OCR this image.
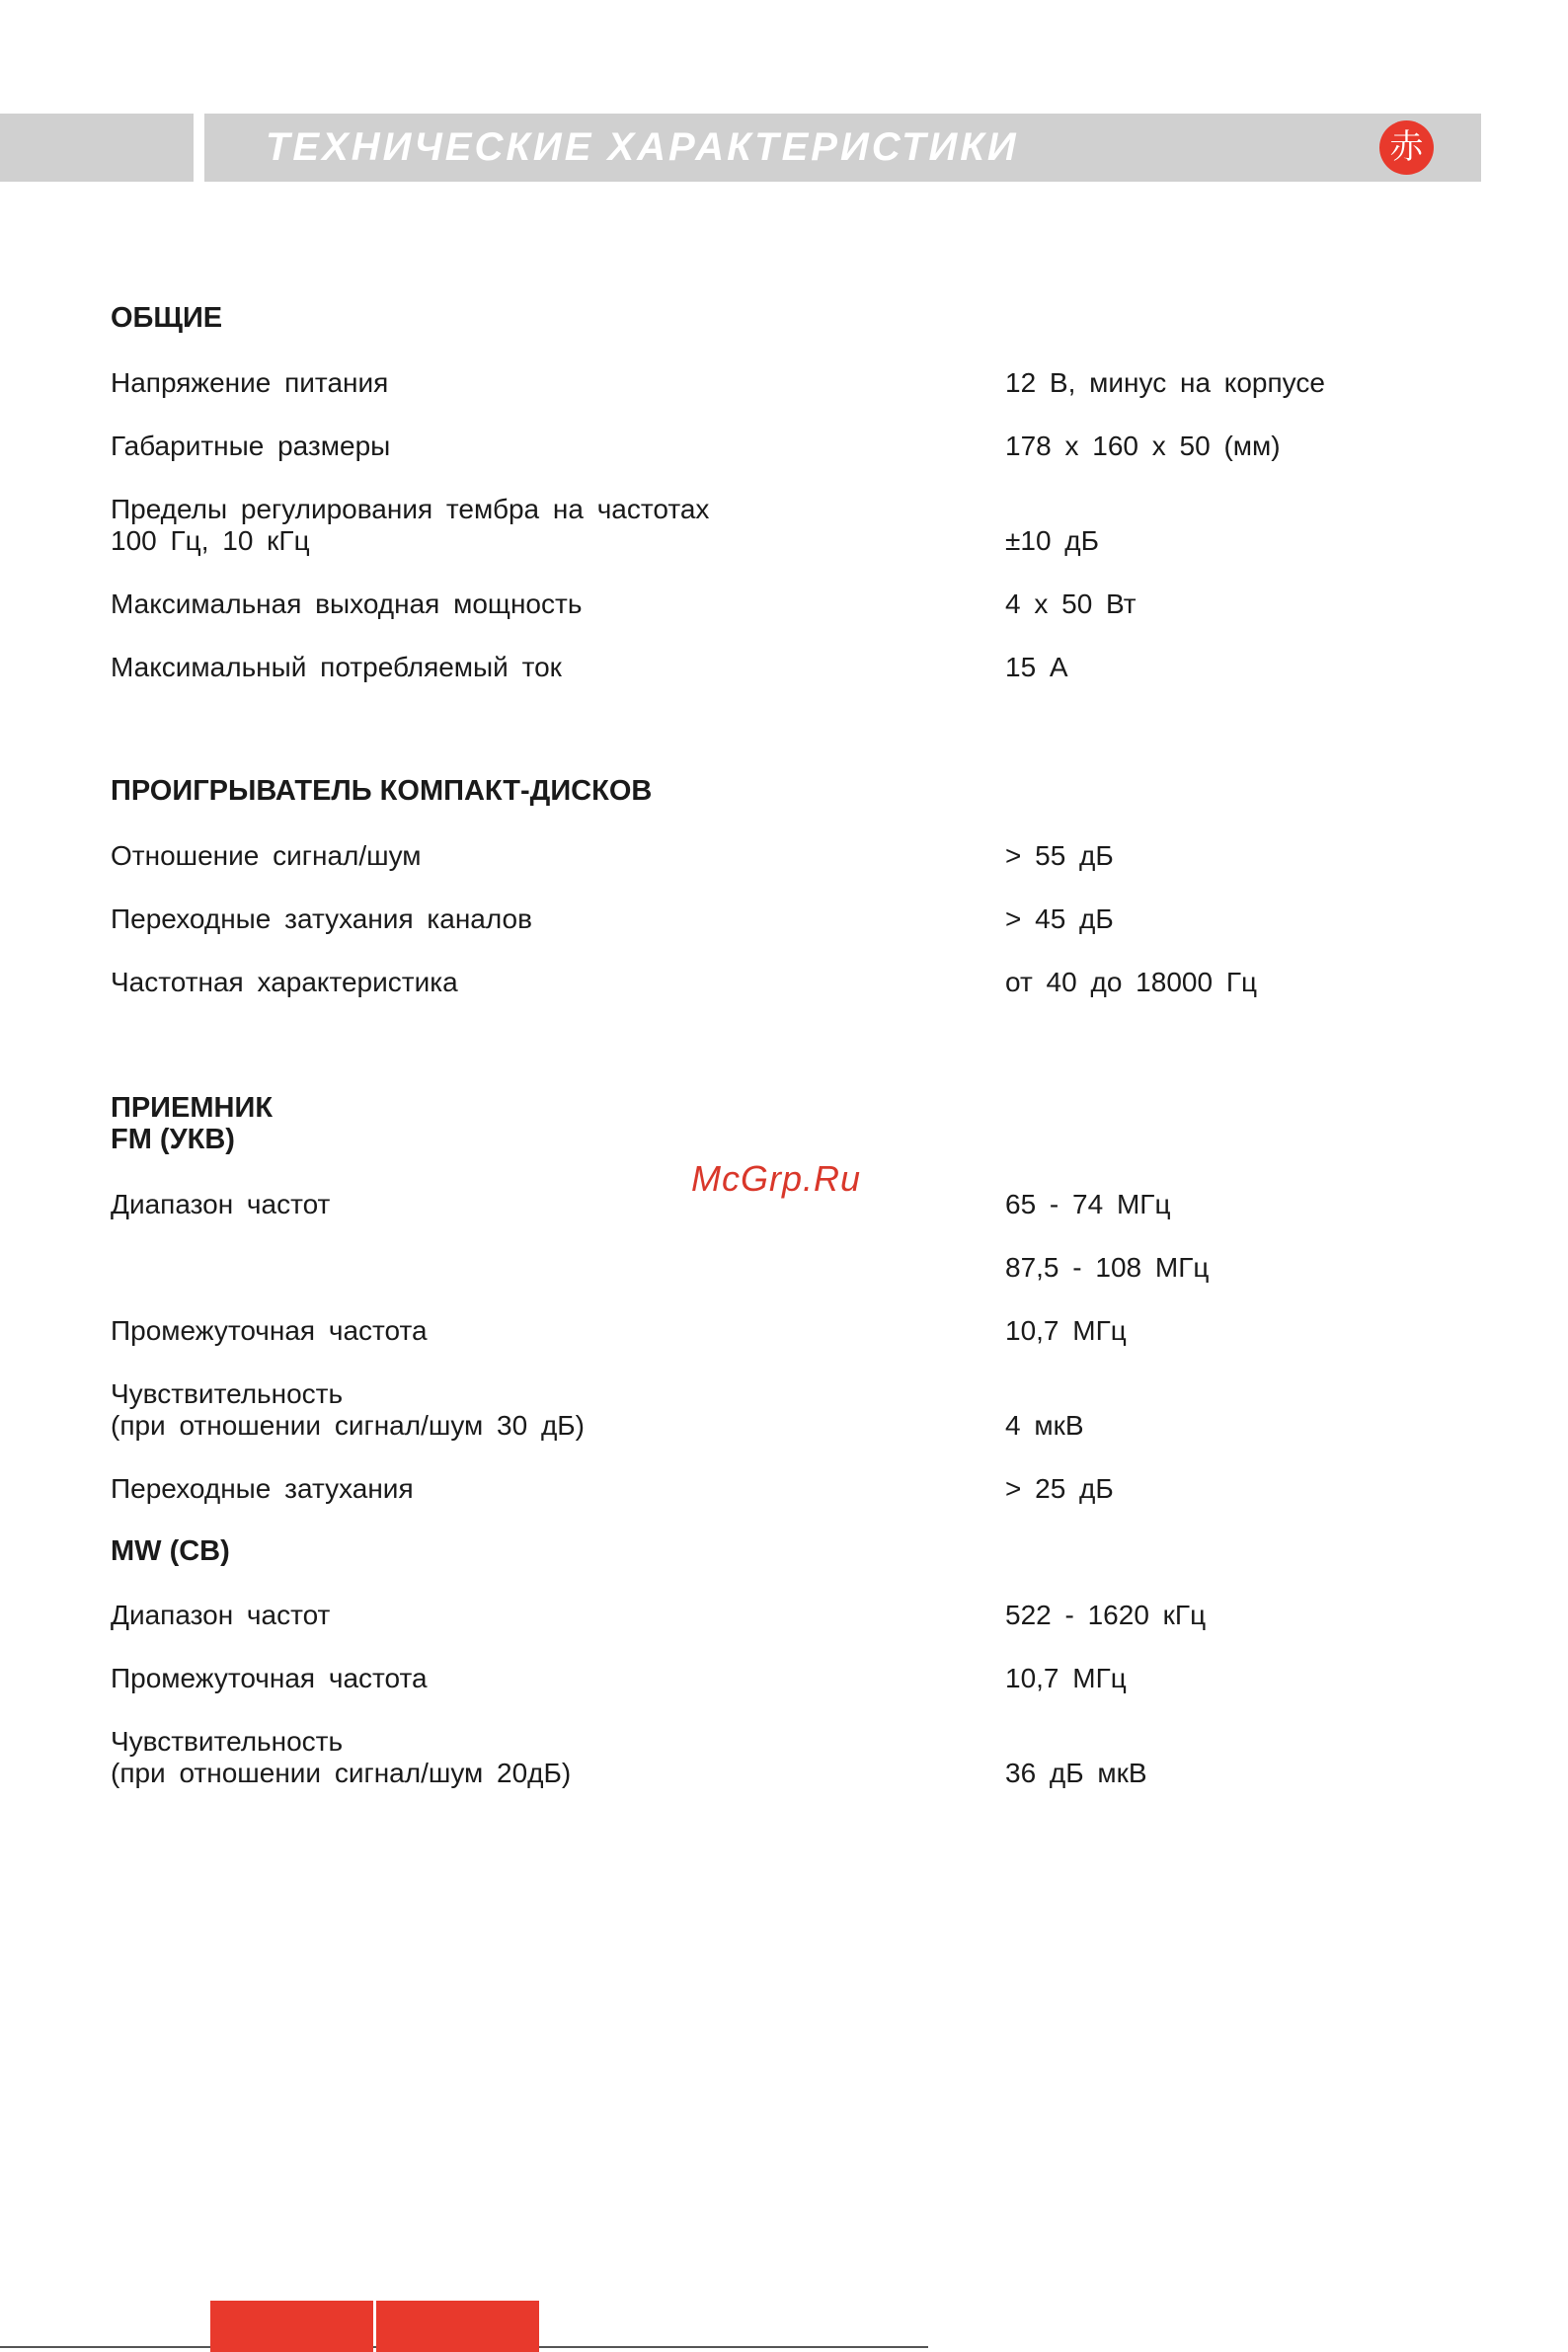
ТЕХНИЧЕСКИЕ ХАРАКТЕРИСТИКИ	赤
ОБЩИЕ
Напряжение питания	12 В, минус на корпусе
Габаритные размеры	178 x 160 x 50 (мм)
Пределы регулирования тембра на частотах
100 Гц, 10 кГц	±10 дБ
Максимальная выходная мощность	4 x 50 Вт
Максимальный потребляемый ток	15 А
ПРОИГРЫВАТЕЛЬ КОМПАКТ-ДИСКОВ
Отношение сигнал/шум	> 55 дБ
Переходные затухания каналов	> 45 дБ
Частотная характеристика	от 40 до 18000 Гц
ПРИЕМНИК
FM (УКВ)
McGrp.Ru
Диапазон частот	65 - 74 МГц
87,5 - 108 МГц
Промежуточная частота	10,7 МГц
Чувствительность
(при отношении сигнал/шум 30 дБ)	4 мкВ
Переходные затухания	> 25 дБ
MW (СВ)
Диапазон частот	522 - 1620 кГц
Промежуточная частота	10,7 МГц
Чувствительность
(при отношении сигнал/шум 20дБ)	36 дБ мкВ
